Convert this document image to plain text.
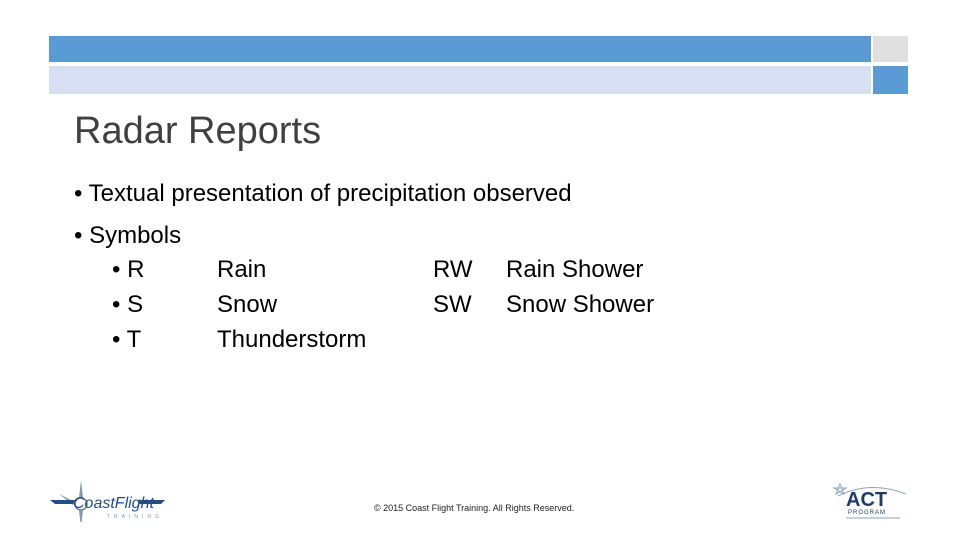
Radar Reports
• Textual presentation of precipitation observed
• Symbols
• R	Rain	RW Rain Shower
• S	Snow	SW Snow Shower
• T	Thunderstorm
CoastFlight
TRAINING
ACT
PROGRAM
© 2015 Coast Flight Training. All Rights Reserved.
